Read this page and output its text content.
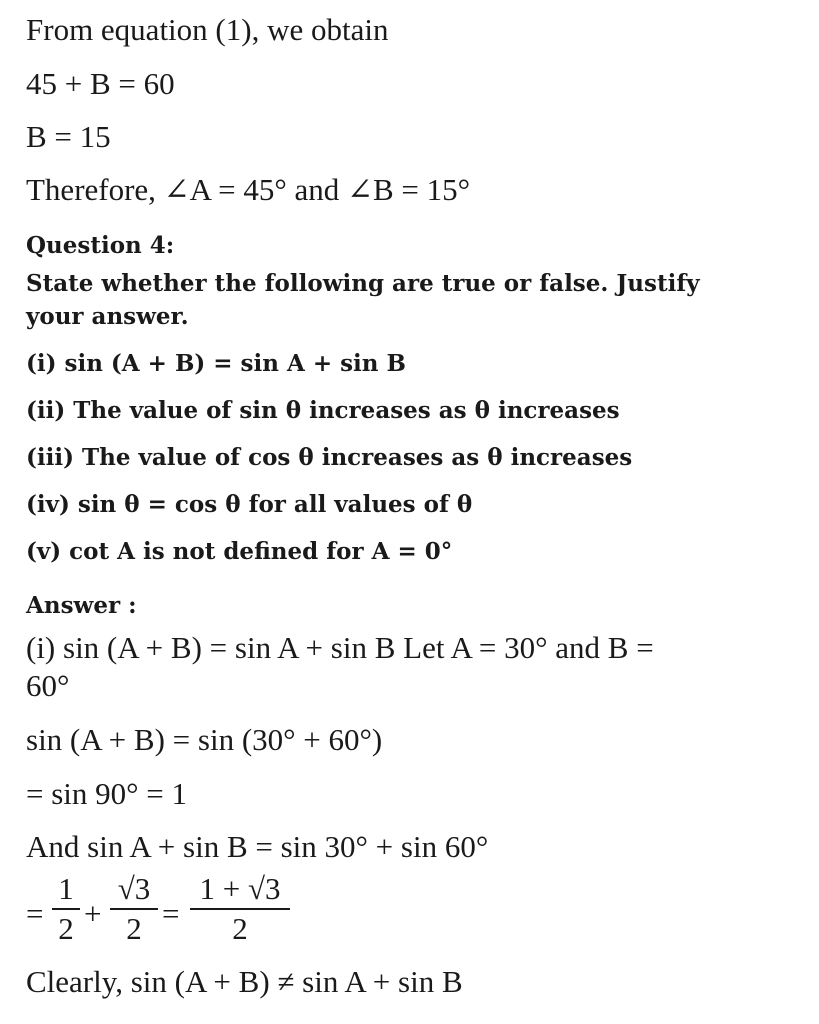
From equation (1), we obtain
45 + B = 60
B = 15
Therefore, ∠A = 45° and ∠B = 15°
Question 4:
State whether the following are true or false. Justify
your answer.
(i) sin (A + B) = sin A + sin B
(ii) The value of sin θ increases as θ increases
(iii) The value of cos θ increases as θ increases
(iv) sin θ = cos θ for all values of θ
(v) cot A is not defined for A = 0°
Answer :
(i) sin (A + B) = sin A + sin B Let A = 30° and B =
60°
sin (A + B) = sin (30° + 60°)
= sin 90° = 1
And sin A + sin B = sin 30° + sin 60°
=
1
2 +
√3
2 =
1 + √3
2
Clearly, sin (A + B) ≠ sin A + sin B
